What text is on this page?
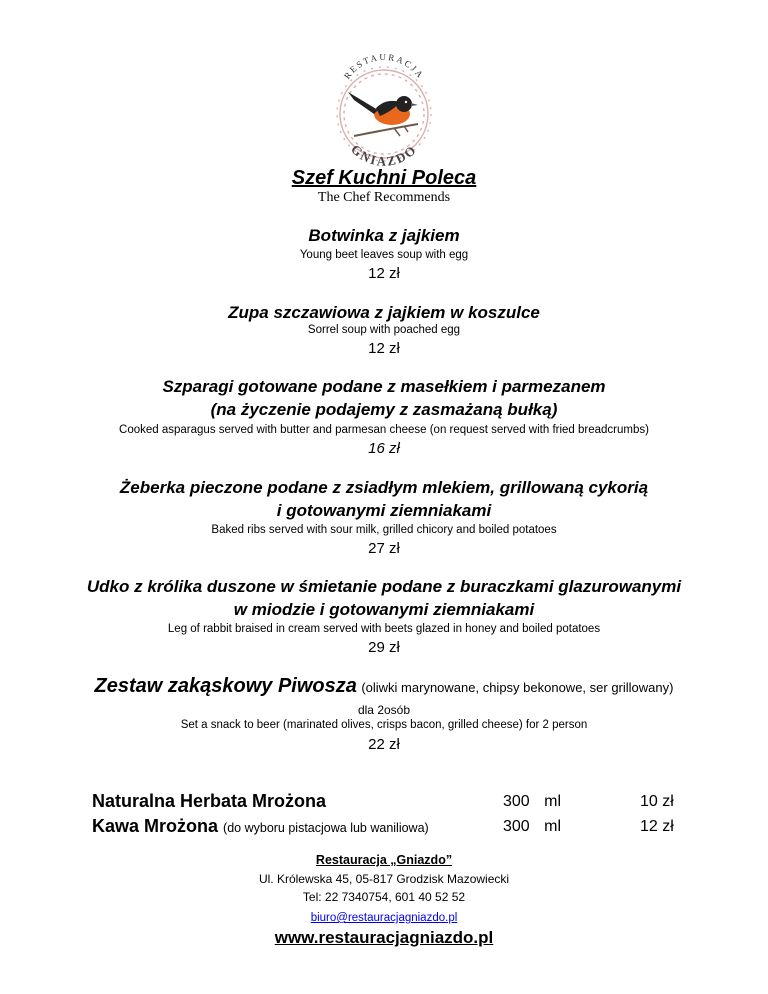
RESTAURACJA
GNIAZDO
Szef Kuchni Poleca
The Chef Recommends
Botwinka z jajkiem
Young beet leaves soup with egg
12 zł
Zupa szczawiowa z jajkiem w koszulce
Sorrel soup with poached egg
12 zł
Szparagi gotowane podane z masełkiem i parmezanem
(na życzenie podajemy z zasmażaną bułką)
Cooked asparagus served with butter and parmesan cheese (on request served with fried breadcrumbs)
16 zł
Żeberka pieczone podane z zsiadłym mlekiem, grillowaną cykorią
i gotowanymi ziemniakami
Baked ribs served with sour milk, grilled chicory and boiled potatoes
27 zł
Udko z królika duszone w śmietanie podane z buraczkami glazurowanymi
w miodzie i gotowanymi ziemniakami
Leg of rabbit braised in cream served with beets glazed in honey and boiled potatoes
29 zł
Zestaw zakąskowy Piwosza (oliwki marynowane, chipsy bekonowe, ser grillowany)
dla 2osób
Set a snack to beer (marinated olives, crisps bacon, grilled cheese) for 2 person
22 zł
Naturalna Herbata Mrożona	300 ml	10 zł
Kawa Mrożona (do wyboru pistacjowa lub waniliowa)	300 ml	12 zł
Restauracja „Gniazdo”
Ul. Królewska 45, 05-817 Grodzisk Mazowiecki
Tel: 22 7340754, 601 40 52 52
biuro@restauracjagniazdo.pl
www.restauracjagniazdo.pl
